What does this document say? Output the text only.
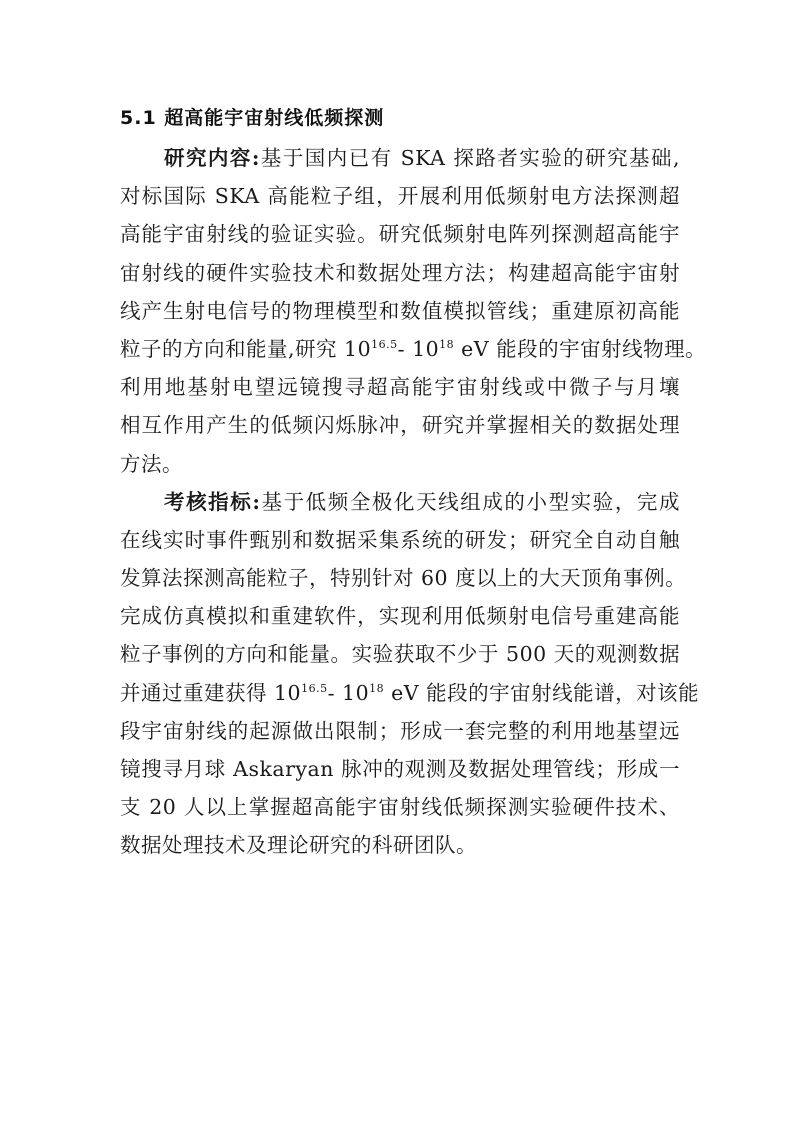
5.1 超高能宇宙射线低频探测
研究内容:基于国内已有 SKA 探路者实验的研究基础,
对标国际 SKA 高能粒子组，开展利用低频射电方法探测超
高能宇宙射线的验证实验。研究低频射电阵列探测超高能宇
宙射线的硬件实验技术和数据处理方法；构建超高能宇宙射
线产生射电信号的物理模型和数值模拟管线；重建原初高能
粒子的方向和能量,研究 $10^{16.5}-$ $10^{18}$ eV 能段的宇宙射线物理。
利用地基射电望远镜搜寻超高能宇宙射线或中微子与月壤
相互作用产生的低频闪烁脉冲，研究并掌握相关的数据处理
方法。
考核指标:基于低频全极化天线组成的小型实验，完成
在线实时事件甄别和数据采集系统的研发；研究全自动自触
发算法探测高能粒子，特别针对 60 度以上的大天顶角事例。
完成仿真模拟和重建软件，实现利用低频射电信号重建高能
粒子事例的方向和能量。实验获取不少于 500 天的观测数据
并通过重建获得 $10^{16.5}-$ $10^{18}$ eV 能段的宇宙射线能谱，对该能
段宇宙射线的起源做出限制；形成一套完整的利用地基望远
镜搜寻月球 Askaryan 脉冲的观测及数据处理管线；形成一
支 20 人以上掌握超高能宇宙射线低频探测实验硬件技术、
数据处理技术及理论研究的科研团队。
